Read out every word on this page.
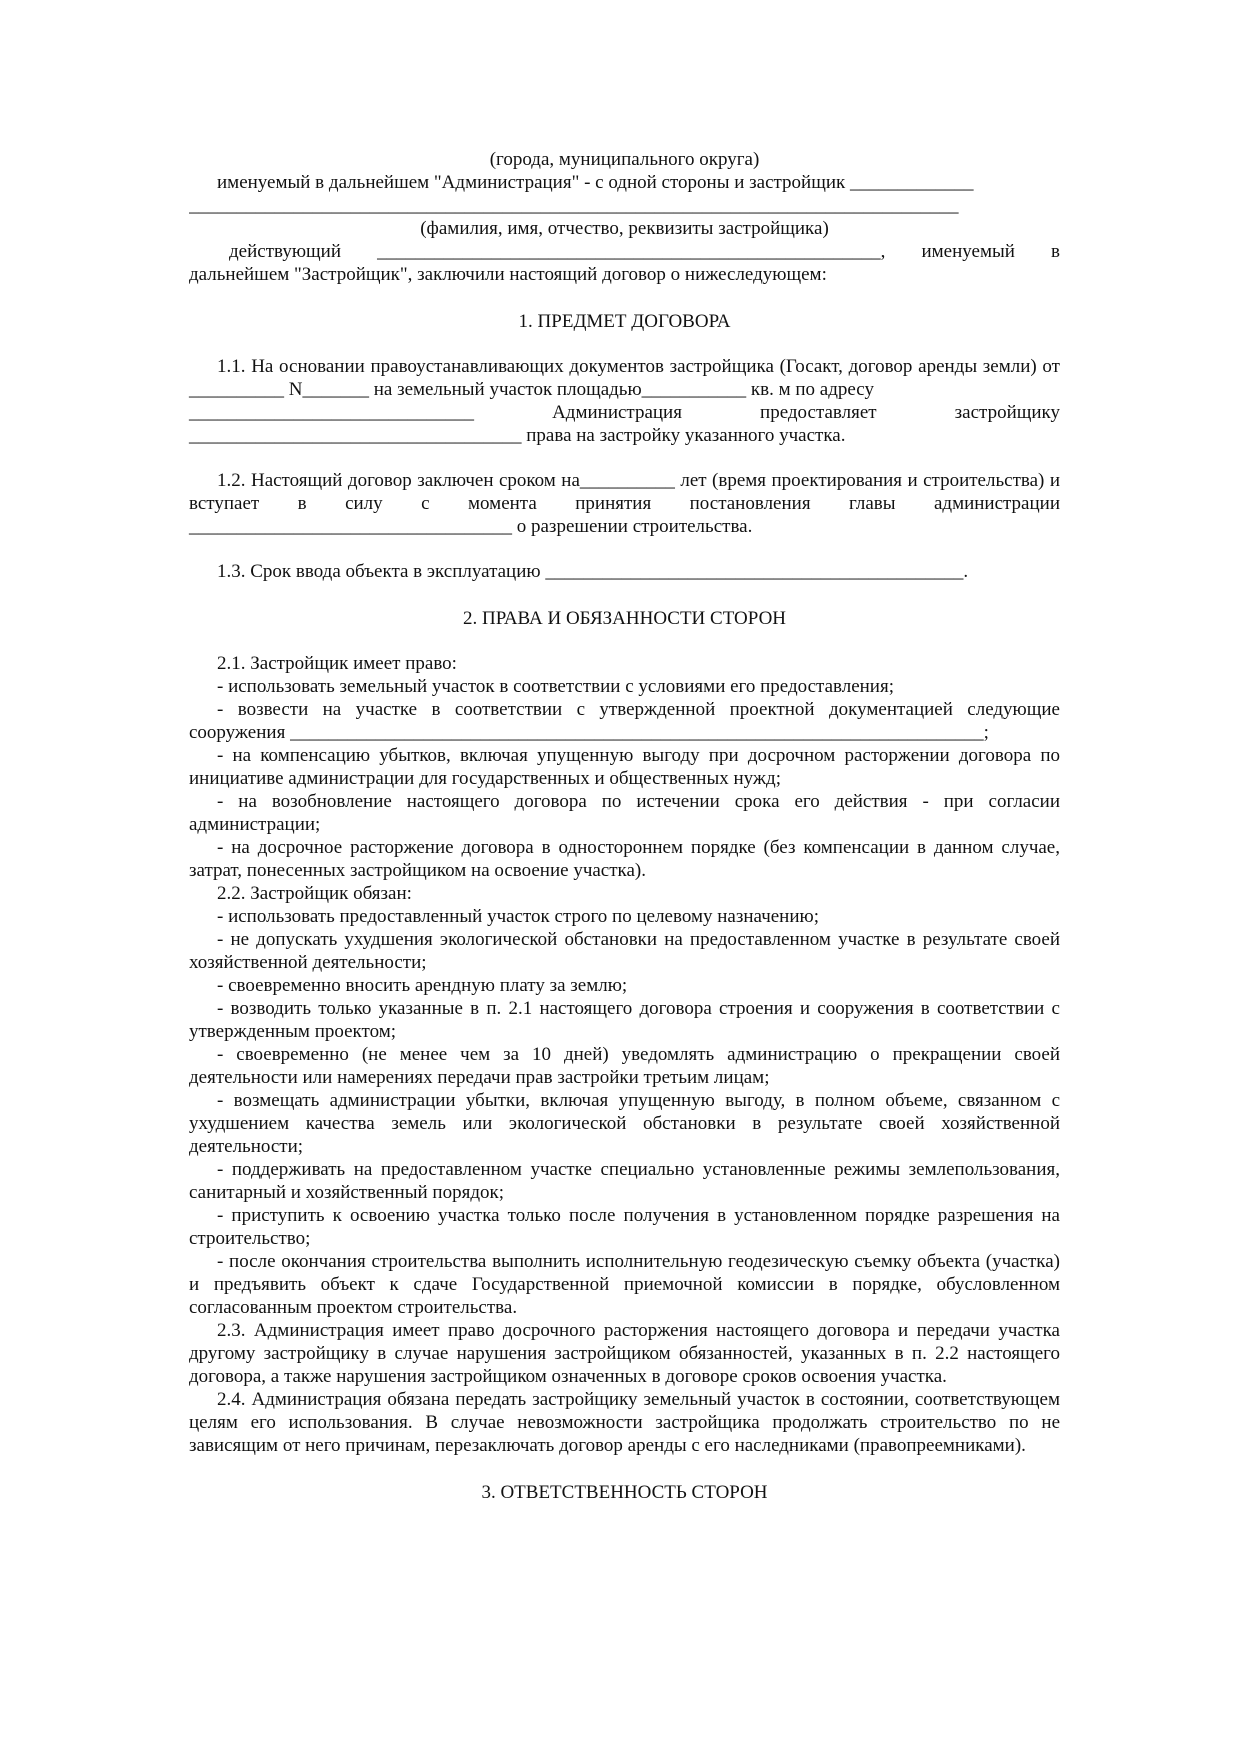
(города, муниципального округа)

именуемый в дальнейшем "Администрация" - с одной стороны и застройщик _____________

_________________________________________________________________________________

(фамилия, имя, отчество, реквизиты застройщика)

действующий _____________________________________________________, именуемый в дальнейшем "Застройщик", заключили настоящий договор о нижеследующем:

1. ПРЕДМЕТ ДОГОВОРА

1.1. На основании правоустанавливающих документов застройщика (Госакт, договор аренды земли) от __________ N_______ на земельный участок площадью___________ кв. м по адресу

______________________________ Администрация предоставляет застройщику

___________________________________ права на застройку указанного участка.

1.2. Настоящий договор заключен сроком на__________ лет (время проектирования и строительства) и вступает в силу с момента принятия постановления главы администрации __________________________________ о разрешении строительства.

1.3. Срок ввода объекта в эксплуатацию ____________________________________________.

2. ПРАВА И ОБЯЗАННОСТИ СТОРОН

2.1. Застройщик имеет право:

- использовать земельный участок в соответствии с условиями его предоставления;

- возвести на участке в соответствии с утвержденной проектной документацией следующие сооружения _________________________________________________________________________;

- на компенсацию убытков, включая упущенную выгоду при досрочном расторжении договора по инициативе администрации для государственных и общественных нужд;

- на возобновление настоящего договора по истечении срока его действия - при согласии администрации;

- на досрочное расторжение договора в одностороннем порядке (без компенсации в данном случае, затрат, понесенных застройщиком на освоение участка).

2.2. Застройщик обязан:

- использовать предоставленный участок строго по целевому назначению;

- не допускать ухудшения экологической обстановки на предоставленном участке в результате своей хозяйственной деятельности;

- своевременно вносить арендную плату за землю;

- возводить только указанные в п. 2.1 настоящего договора строения и сооружения в соответствии с утвержденным проектом;

- своевременно (не менее чем за 10 дней) уведомлять администрацию о прекращении своей деятельности или намерениях передачи прав застройки третьим лицам;

- возмещать администрации убытки, включая упущенную выгоду, в полном объеме, связанном с ухудшением качества земель или экологической обстановки в результате своей хозяйственной деятельности;

- поддерживать на предоставленном участке специально установленные режимы землепользования, санитарный и хозяйственный порядок;

- приступить к освоению участка только после получения в установленном порядке разрешения на строительство;

- после окончания строительства выполнить исполнительную геодезическую съемку объекта (участка) и предъявить объект к сдаче Государственной приемочной комиссии в порядке, обусловленном согласованным проектом строительства.

2.3. Администрация имеет право досрочного расторжения настоящего договора и передачи участка другому застройщику в случае нарушения застройщиком обязанностей, указанных в п. 2.2 настоящего договора, а также нарушения застройщиком означенных в договоре сроков освоения участка.

2.4. Администрация обязана передать застройщику земельный участок в состоянии, соответствующем целям его использования. В случае невозможности застройщика продолжать строительство по не зависящим от него причинам, перезаключать договор аренды с его наследниками (правопреемниками).

3. ОТВЕТСТВЕННОСТЬ СТОРОН
